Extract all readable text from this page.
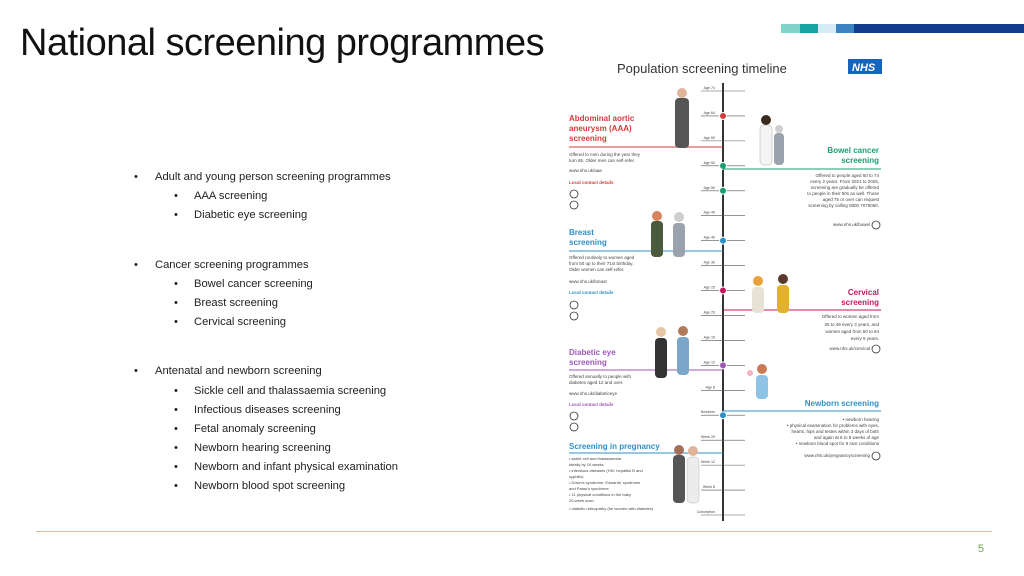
National screening programmes
• Adult and young person screening programmes
• AAA screening
• Diabetic eye screening
• Cancer screening programmes
• Bowel cancer screening
• Breast screening
• Cervical screening
• Antenatal and newborn screening
• Sickle cell and thalassaemia screening
• Infectious diseases screening
• Fetal anomaly screening
• Newborn hearing screening
• Newborn and infant physical examination
• Newborn blood spot screening
Population screening timeline	NHS
Age 74
Age 64
Age 60
Age 52
Age 50
Age 49
Age 40
Age 30
Age 25
Age 20
Age 15
Age 12
Age 8
Newborn
Week 20
Week 12
Week 8
Conception
Abdominal aortic
aneurysm (AAA)
screening
Offered to men during the year they
turn 65. Older men can self-refer.
www.nhs.uk/aaa
Local contact details
Breast
screening
Offered routinely to women aged
from 50 up to their 71st birthday.
Older women can self-refer.
www.nhs.uk/breast
Local contact details
Diabetic eye
screening
Offered annually to people with
diabetes aged 12 and over.
www.nhs.uk/diabeticeye
Local contact details
Screening in pregnancy
• sickle cell and thalassaemia
ideally by 10 weeks
• infectious diseases (HIV, hepatitis B and
syphilis)
• Down's syndrome, Edwards' syndrome
and Patau's syndrome
• 11 physical conditions in the baby
20-week scan
• diabetic retinopathy (for women with diabetes)
Bowel cancer
screening
Offered to people aged 60 to 74
every 2 years. From 2021 to 2025,
screening are gradually be offered
to people in their 50s as well. Those
aged 75 or over can request
screening by calling 0800 7076060.
www.nhs.uk/bowel
Cervical
screening
Offered to women aged from
25 to 49 every 3 years, and
women aged from 50 to 64
every 5 years.
www.nhs.uk/cervical
Newborn screening
• newborn hearing
• physical examination for problems with eyes,
hearts, hips and testes within 3 days of birth
and again at 6 to 8 weeks of age
• newborn blood spot for 9 rare conditions
www.nhs.uk/pregnancyscreening
5
